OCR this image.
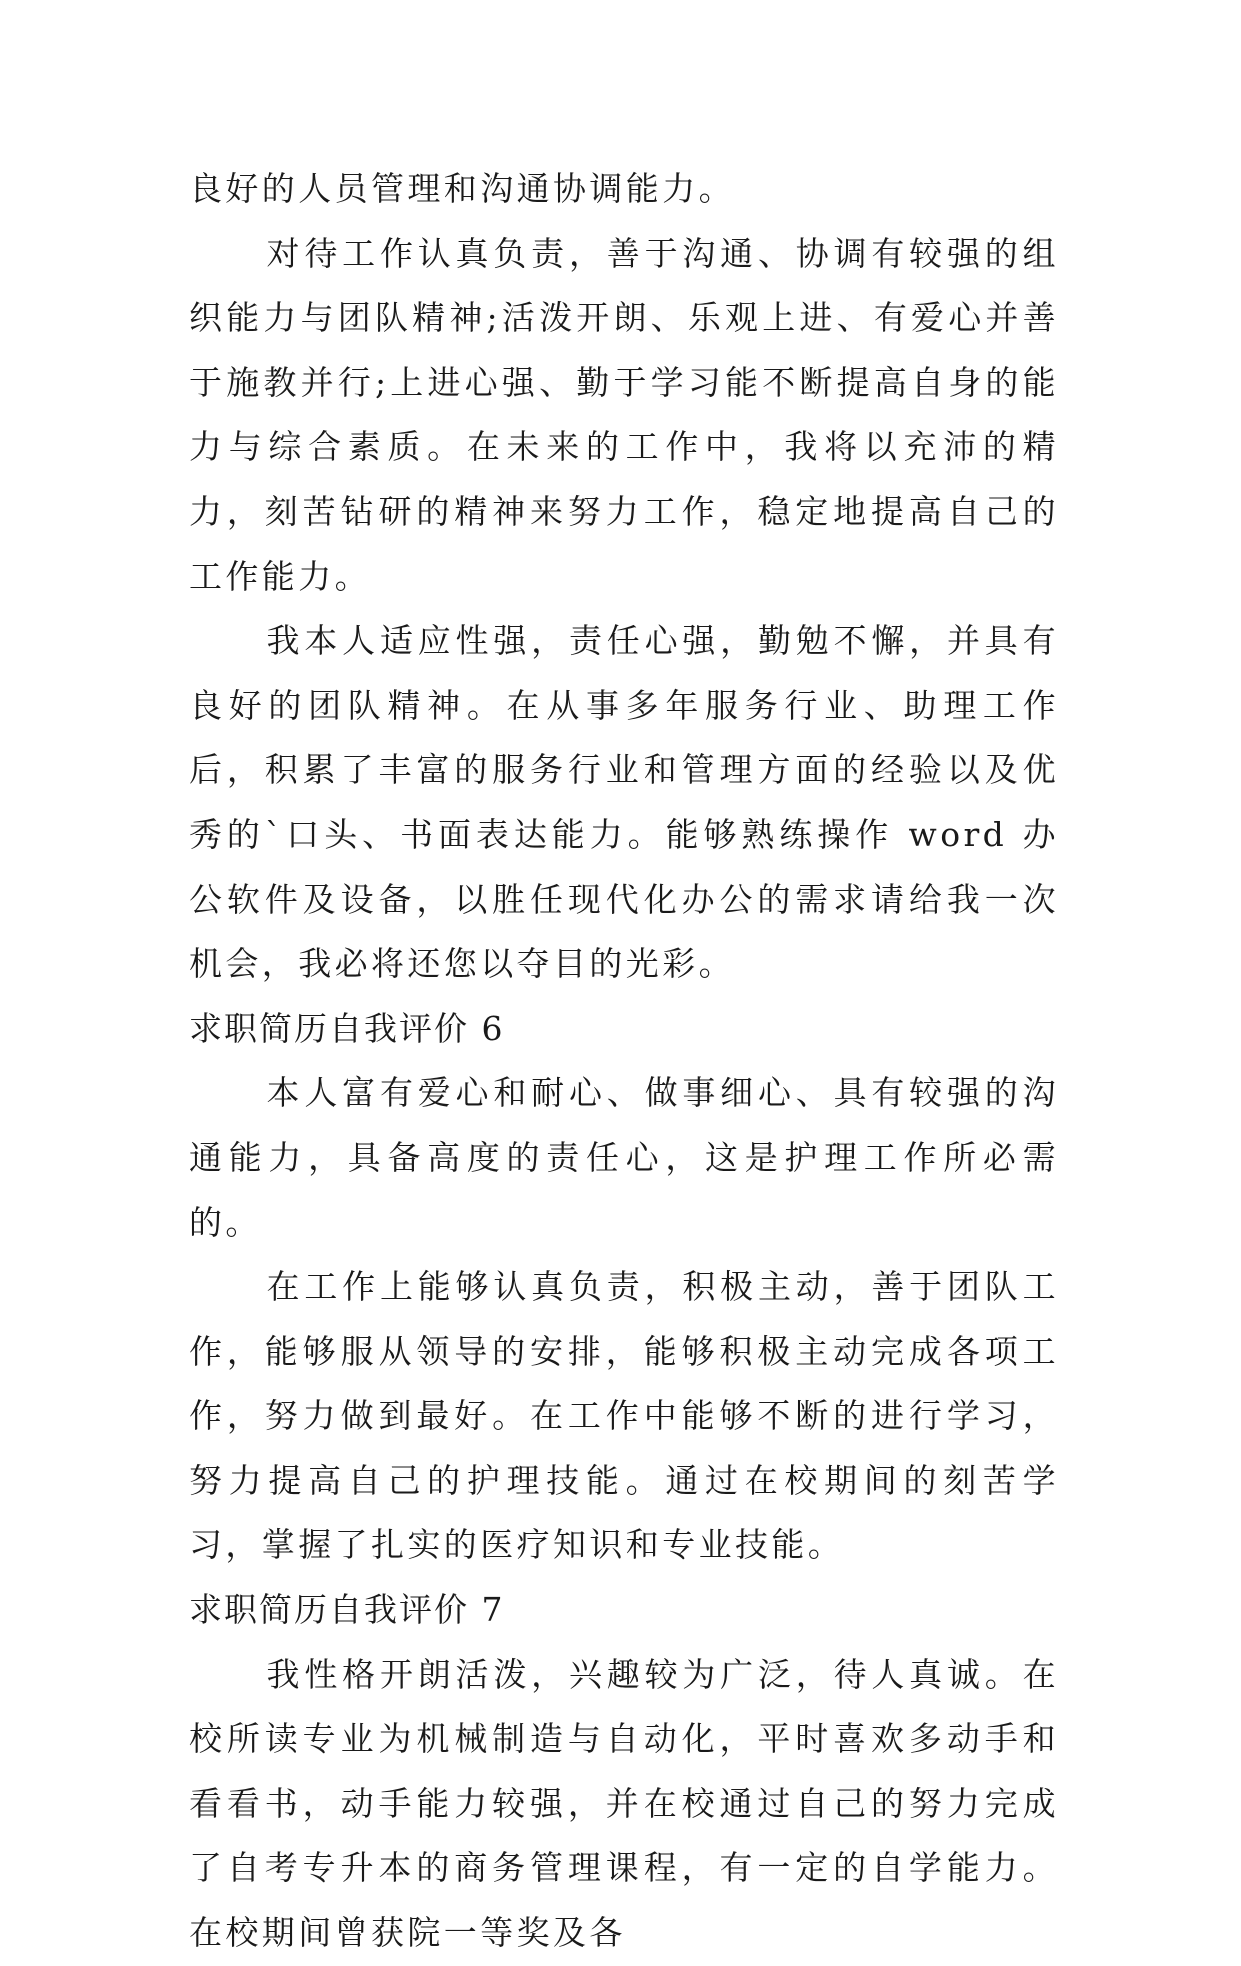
良好的人员管理和沟通协调能力。

对待工作认真负责，善于沟通、协调有较强的组织能力与团队精神;活泼开朗、乐观上进、有爱心并善于施教并行;上进心强、勤于学习能不断提高自身的能力与综合素质。在未来的工作中，我将以充沛的精力，刻苦钻研的精神来努力工作，稳定地提高自己的工作能力。

我本人适应性强，责任心强，勤勉不懈，并具有良好的团队精神。在从事多年服务行业、助理工作后，积累了丰富的服务行业和管理方面的经验以及优秀的`口头、书面表达能力。能够熟练操作 word 办公软件及设备，以胜任现代化办公的需求请给我一次机会，我必将还您以夺目的光彩。

求职简历自我评价 6

本人富有爱心和耐心、做事细心、具有较强的沟通能力，具备高度的责任心，这是护理工作所必需的。

在工作上能够认真负责，积极主动，善于团队工作，能够服从领导的安排，能够积极主动完成各项工作，努力做到最好。在工作中能够不断的进行学习，努力提高自己的护理技能。通过在校期间的刻苦学习，掌握了扎实的医疗知识和专业技能。

求职简历自我评价 7

我性格开朗活泼，兴趣较为广泛，待人真诚。在校所读专业为机械制造与自动化，平时喜欢多动手和看看书，动手能力较强，并在校通过自己的努力完成了自考专升本的商务管理课程，有一定的自学能力。在校期间曾获院一等奖及各
